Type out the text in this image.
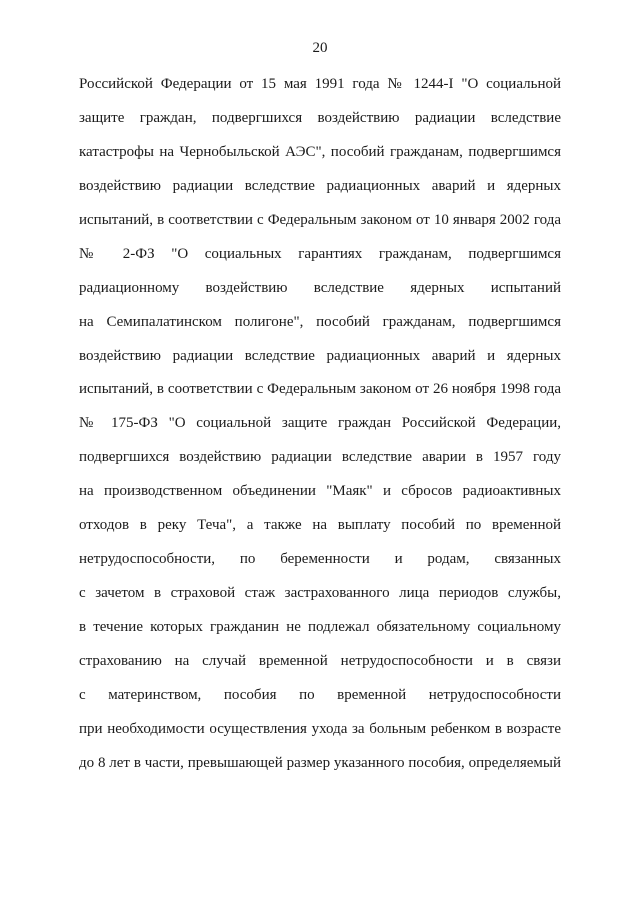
20
Российской Федерации от 15 мая 1991 года № 1244-I "О социальной
защите граждан, подвергшихся воздействию радиации вследствие
катастрофы на Чернобыльской АЭС", пособий гражданам, подвергшимся
воздействию радиации вследствие радиационных аварий и ядерных
испытаний, в соответствии с Федеральным законом от 10 января 2002 года
№ 2-ФЗ "О социальных гарантиях гражданам, подвергшимся
радиационному воздействию вследствие ядерных испытаний
на Семипалатинском полигоне", пособий гражданам, подвергшимся
воздействию радиации вследствие радиационных аварий и ядерных
испытаний, в соответствии с Федеральным законом от 26 ноября 1998 года
№ 175-ФЗ "О социальной защите граждан Российской Федерации,
подвергшихся воздействию радиации вследствие аварии в 1957 году
на производственном объединении "Маяк" и сбросов радиоактивных
отходов в реку Теча", а также на выплату пособий по временной
нетрудоспособности, по беременности и родам, связанных
с зачетом в страховой стаж застрахованного лица периодов службы,
в течение которых гражданин не подлежал обязательному социальному
страхованию на случай временной нетрудоспособности и в связи
с материнством, пособия по временной нетрудоспособности
при необходимости осуществления ухода за больным ребенком в возрасте
до 8 лет в части, превышающей размер указанного пособия, определяемый
